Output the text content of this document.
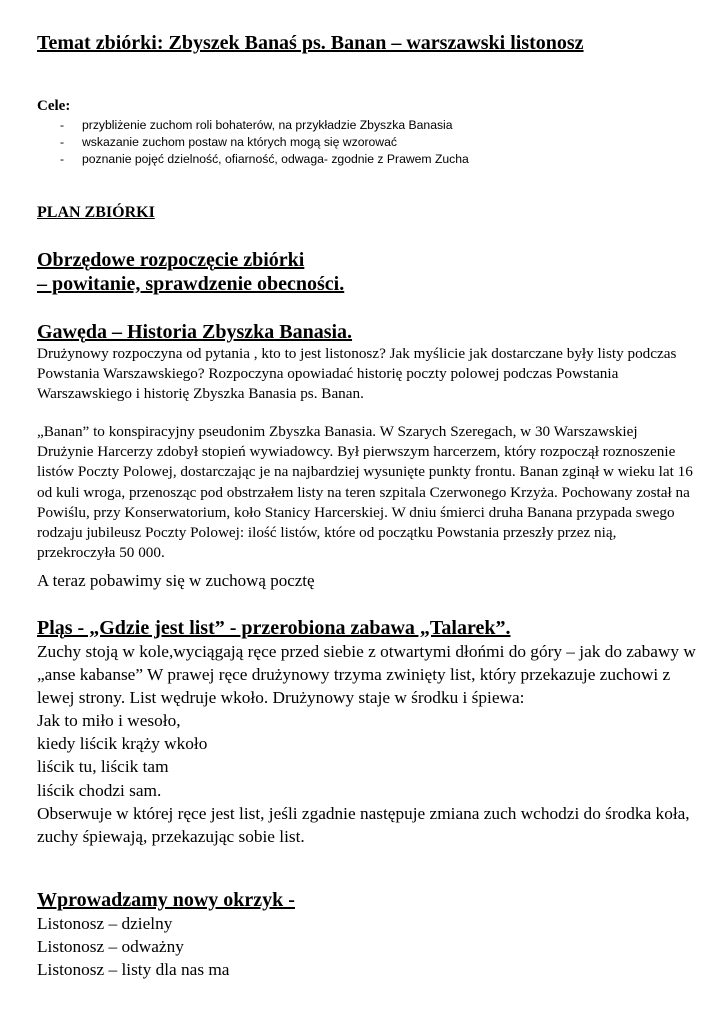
Temat zbiórki: Zbyszek Banaś ps. Banan – warszawski listonosz
Cele:
- przybliżenie zuchom roli bohaterów, na przykładzie Zbyszka Banasia
- wskazanie zuchom postaw na których mogą się wzorować
- poznanie pojęć dzielność, ofiarność, odwaga- zgodnie z Prawem Zucha
PLAN ZBIÓRKI
Obrzędowe rozpoczęcie zbiórki
– powitanie, sprawdzenie obecności.
Gawęda – Historia Zbyszka Banasia.

Drużynowy rozpoczyna od pytania , kto to jest listonosz? Jak myślicie jak dostarczane były listy podczas Powstania Warszawskiego? Rozpoczyna opowiadać historię poczty polowej podczas Powstania Warszawskiego i historię Zbyszka Banasia ps. Banan.

„Banan” to konspiracyjny pseudonim Zbyszka Banasia. W Szarych Szeregach, w 30 Warszawskiej Drużynie Harcerzy zdobył stopień wywiadowcy. Był pierwszym harcerzem, który rozpoczął roznoszenie listów Poczty Polowej, dostarczając je na najbardziej wysunięte punkty frontu. Banan zginął w wieku lat 16 od kuli wroga, przenosząc pod obstrzałem listy na teren szpitala Czerwonego Krzyża. Pochowany został na Powiślu, przy Konserwatorium, koło Stanicy Harcerskiej. W dniu śmierci druha Banana przypada swego rodzaju jubileusz Poczty Polowej: ilość listów, które od początku Powstania przeszły przez nią, przekroczyła 50 000.

A teraz pobawimy się w zuchową pocztę
Pląs - „Gdzie jest list” - przerobiona zabawa „Talarek”.
Zuchy stoją w kole,wyciągają ręce przed siebie z otwartymi dłońmi do góry – jak do zabawy w „anse kabanse” W prawej ręce drużynowy trzyma zwinięty list, który przekazuje zuchowi z lewej strony. List wędruje wkoło. Drużynowy staje w środku i śpiewa:
Jak to miło i wesoło,
kiedy liścik krąży wkoło
liścik tu, liścik tam
liścik chodzi sam.
Obserwuje w której ręce jest list, jeśli zgadnie następuje zmiana zuch wchodzi do środka koła, zuchy śpiewają, przekazując sobie list.
Wprowadzamy nowy okrzyk -
Listonosz – dzielny
Listonosz – odważny
Listonosz – listy dla nas ma
